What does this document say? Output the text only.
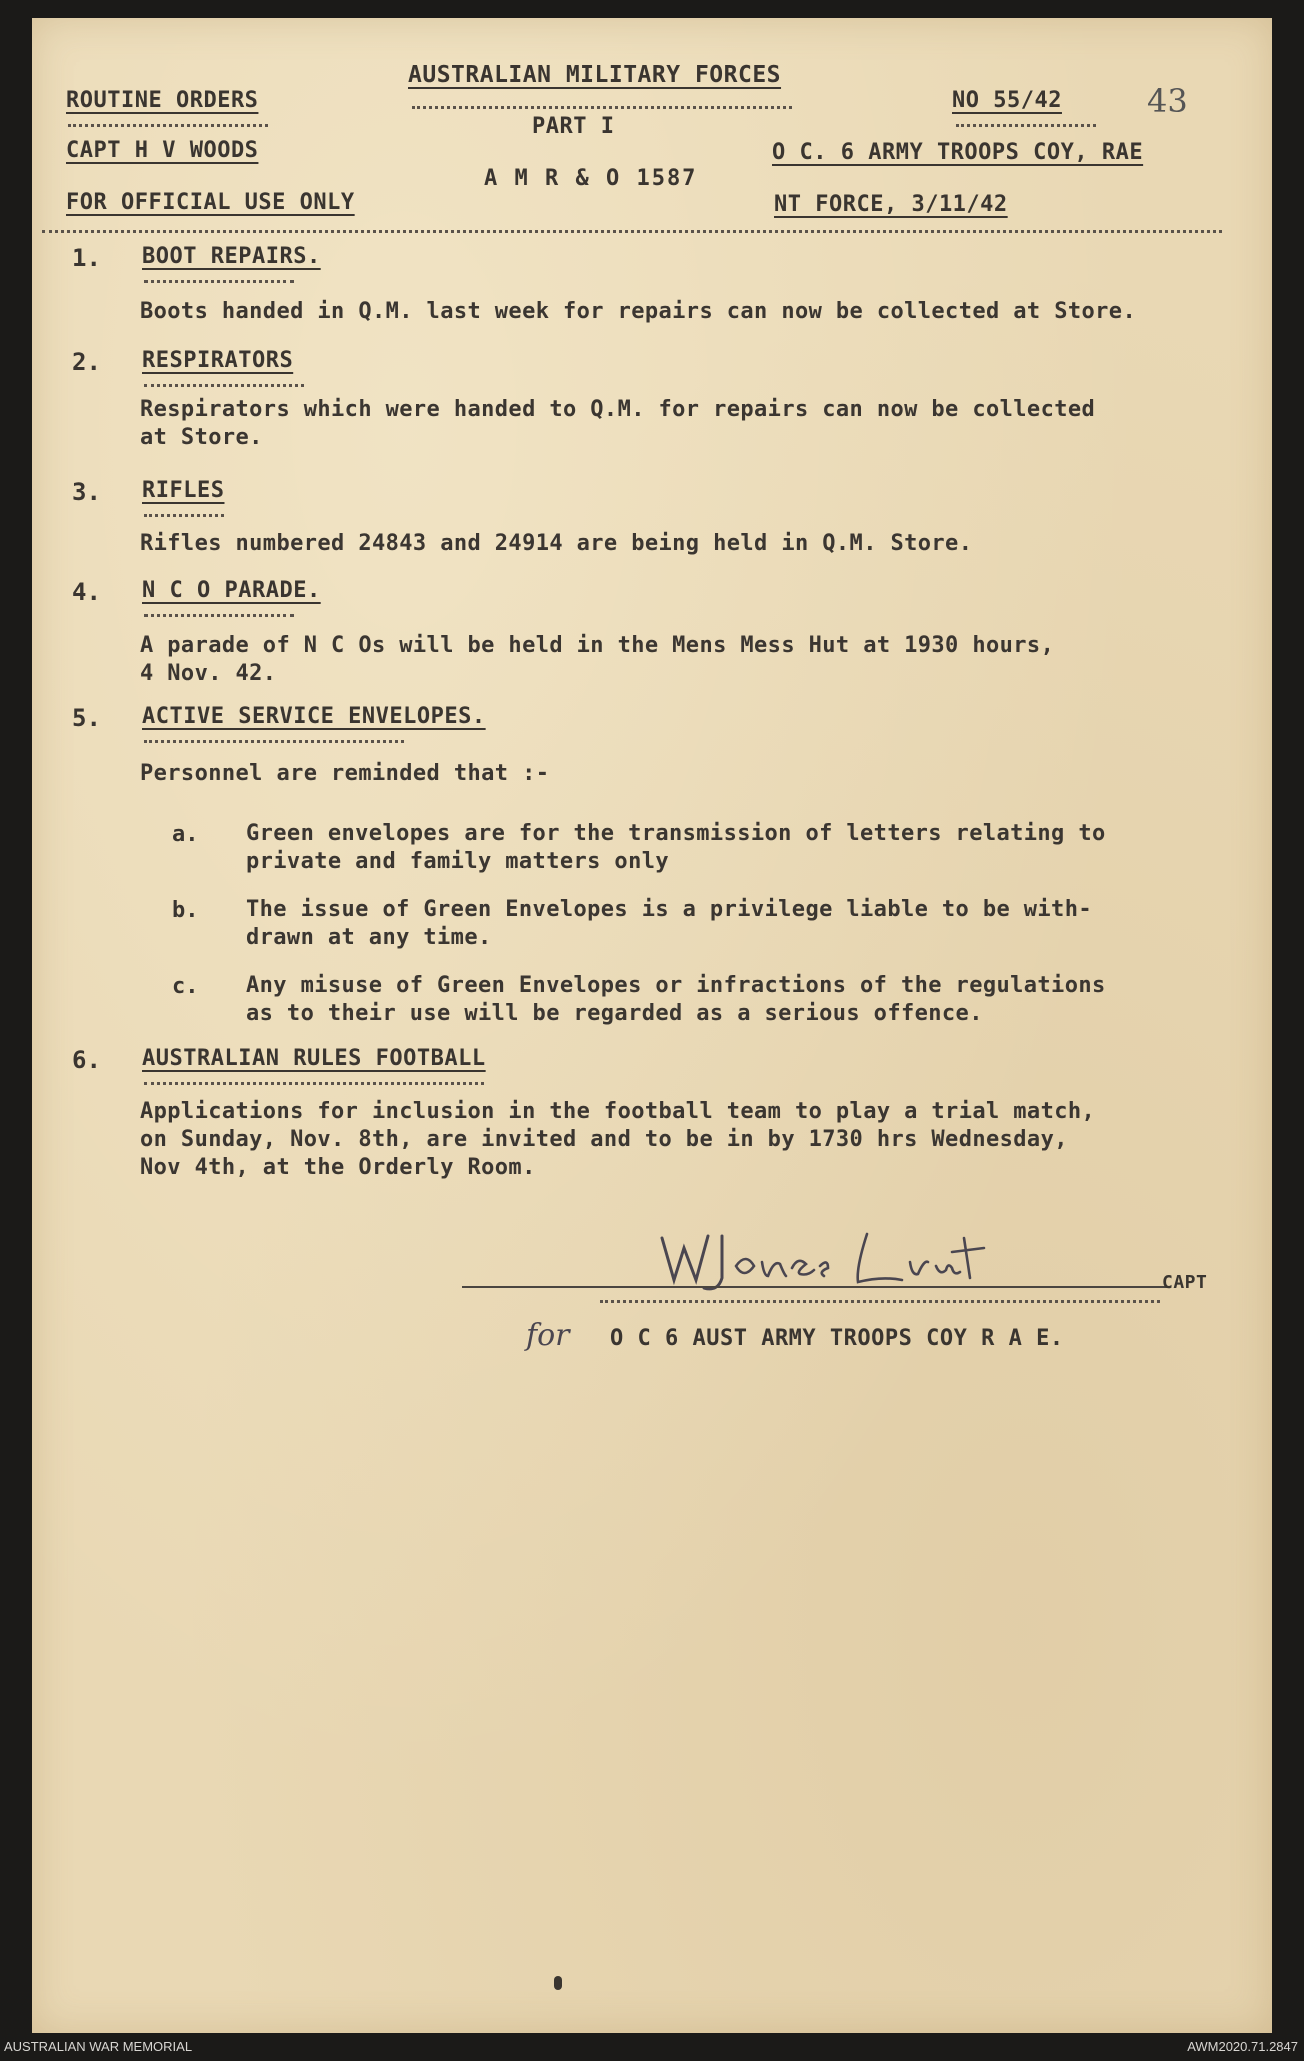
AUSTRALIAN MILITARY FORCES
ROUTINE ORDERS
CAPT H V WOODS
FOR OFFICIAL USE ONLY
PART I
A M R & O 1587
NO 55/42	43
O C. 6 ARMY TROOPS COY, RAE
NT FORCE, 3/11/42
1. BOOT REPAIRS.
Boots handed in Q.M. last week for repairs can now be collected at Store.
2. RESPIRATORS
Respirators which were handed to Q.M. for repairs can now be collected
at Store.
3. RIFLES
Rifles numbered 24843 and 24914 are being held in Q.M. Store.
4. N C O PARADE.
A parade of N C Os will be held in the Mens Mess Hut at 1930 hours,
4 Nov. 42.
5. ACTIVE SERVICE ENVELOPES.
Personnel are reminded that :-
a. Green envelopes are for the transmission of letters relating to
private and family matters only
b. The issue of Green Envelopes is a privilege liable to be with-
drawn at any time.
c. Any misuse of Green Envelopes or infractions of the regulations
as to their use will be regarded as a serious offence.
6. AUSTRALIAN RULES FOOTBALL
Applications for inclusion in the football team to play a trial match,
on Sunday, Nov. 8th, are invited and to be in by 1730 hrs Wednesday,
Nov 4th, at the Orderly Room.
CAPT
for O C 6 AUST ARMY TROOPS COY R A E.
AUSTRALIAN WAR MEMORIAL	AWM2020.71.2847
